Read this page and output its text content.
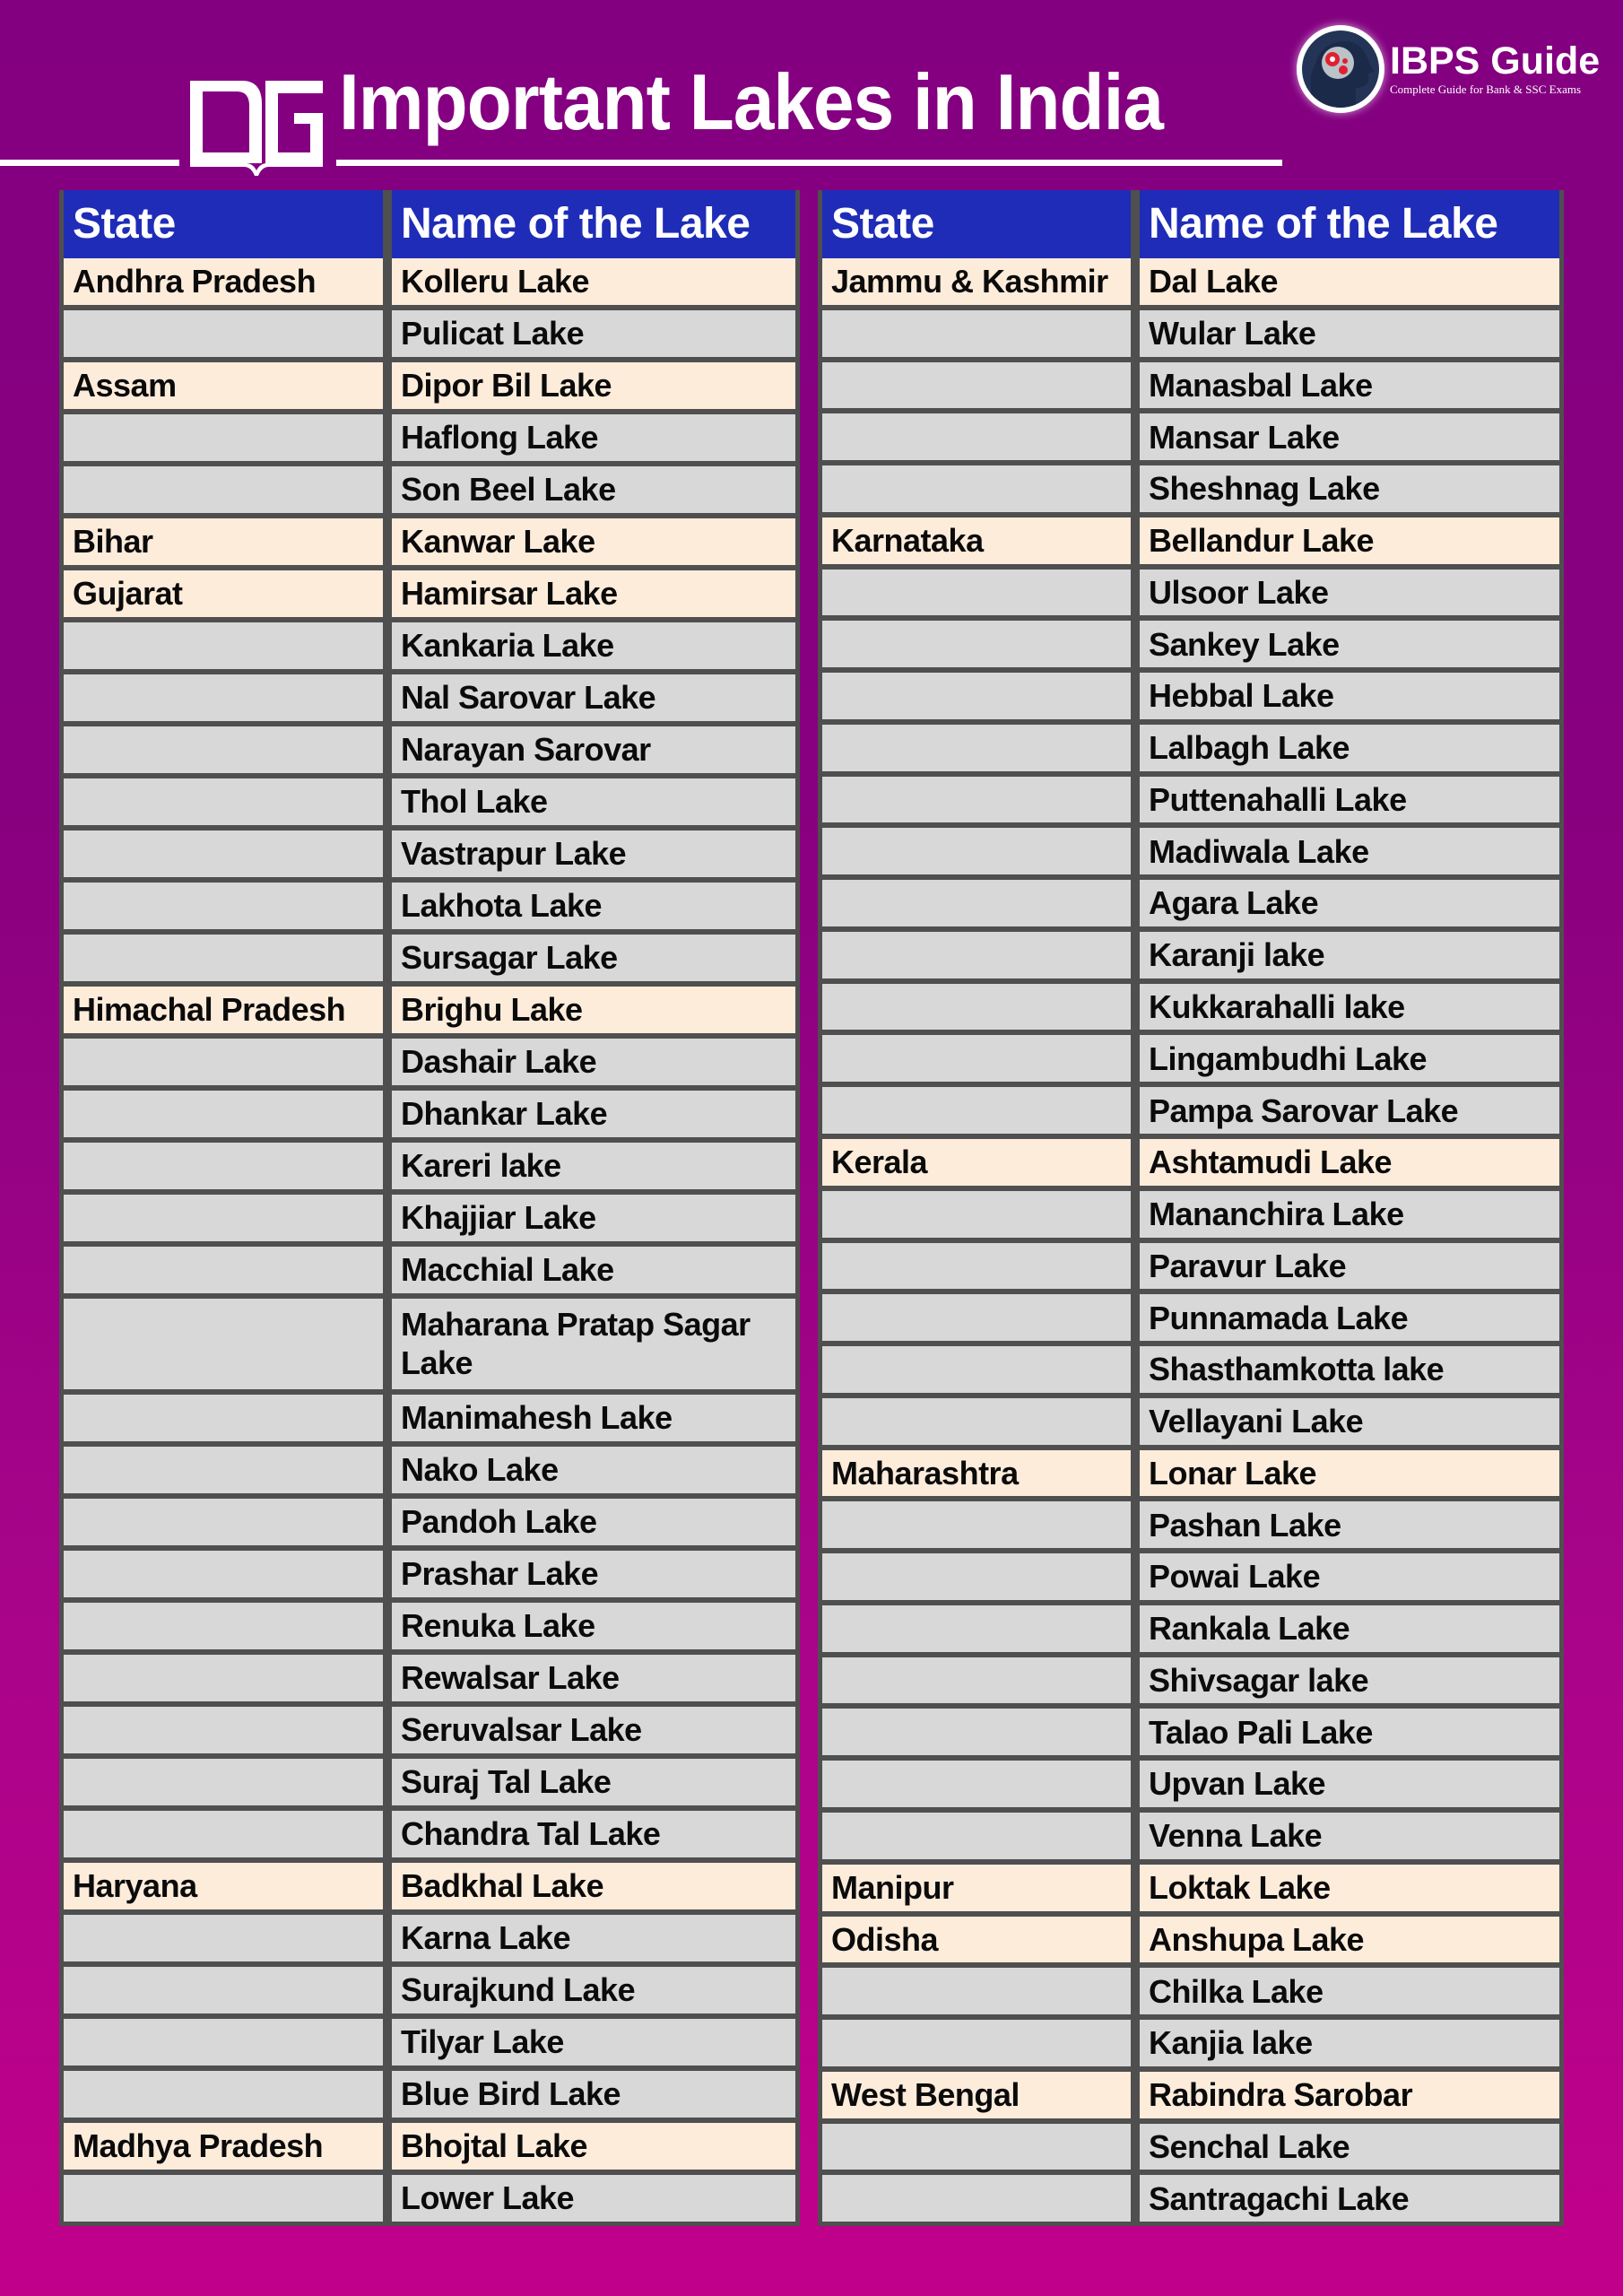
Important Lakes in India	IBPS Guide
Complete Guide for Bank & SSC Exams
State	Name of the Lake
Andhra Pradesh	Kolleru Lake
Pulicat Lake
Assam	Dipor Bil Lake
Haflong Lake
Son Beel Lake
Bihar	Kanwar Lake
Gujarat	Hamirsar Lake
Kankaria Lake
Nal Sarovar Lake
Narayan Sarovar
Thol Lake
Vastrapur Lake
Lakhota Lake
Sursagar Lake
Himachal Pradesh	Brighu Lake
Dashair Lake
Dhankar Lake
Kareri lake
Khajjiar Lake
Macchial Lake
Maharana Pratap Sagar Lake
Manimahesh Lake
Nako Lake
Pandoh Lake
Prashar Lake
Renuka Lake
Rewalsar Lake
Seruvalsar Lake
Suraj Tal Lake
Chandra Tal Lake
Haryana	Badkhal Lake
Karna Lake
Surajkund Lake
Tilyar Lake
Blue Bird Lake
Madhya Pradesh	Bhojtal Lake
Lower Lake
State	Name of the Lake
Jammu & Kashmir	Dal Lake
Wular Lake
Manasbal Lake
Mansar Lake
Sheshnag Lake
Karnataka	Bellandur Lake
Ulsoor Lake
Sankey Lake
Hebbal Lake
Lalbagh Lake
Puttenahalli Lake
Madiwala Lake
Agara Lake
Karanji lake
Kukkarahalli lake
Lingambudhi Lake
Pampa Sarovar Lake
Kerala	Ashtamudi Lake
Mananchira Lake
Paravur Lake
Punnamada Lake
Shasthamkotta lake
Vellayani Lake
Maharashtra	Lonar Lake
Pashan Lake
Powai Lake
Rankala Lake
Shivsagar lake
Talao Pali Lake
Upvan Lake
Venna Lake
Manipur	Loktak Lake
Odisha	Anshupa Lake
Chilka Lake
Kanjia lake
West Bengal	Rabindra Sarobar
Senchal Lake
Santragachi Lake
